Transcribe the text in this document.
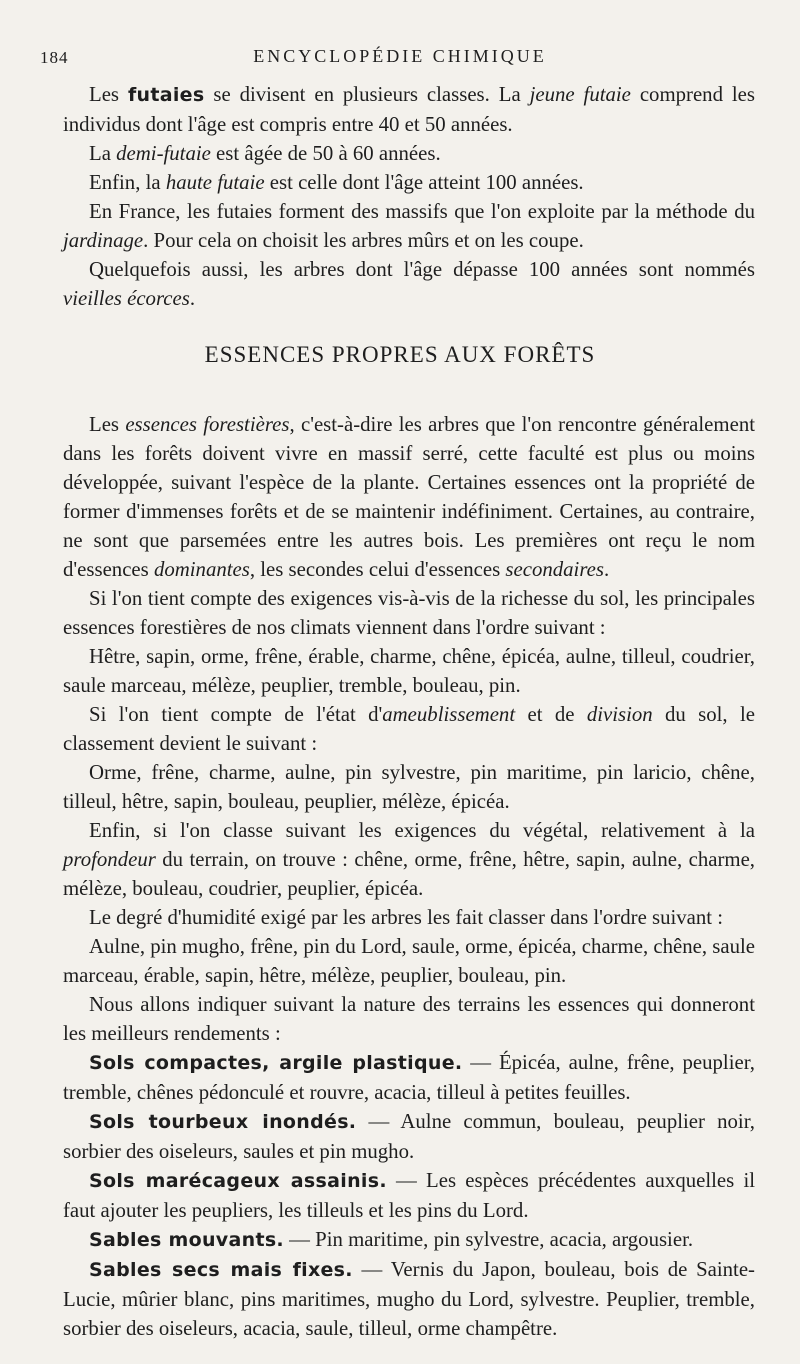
184	ENCYCLOPÉDIE CHIMIQUE

Les futaies se divisent en plusieurs classes. La jeune futaie comprend les individus dont l'âge est compris entre 40 et 50 années.

La demi-futaie est âgée de 50 à 60 années.

Enfin, la haute futaie est celle dont l'âge atteint 100 années.

En France, les futaies forment des massifs que l'on exploite par la méthode du jardinage. Pour cela on choisit les arbres mûrs et on les coupe.

Quelquefois aussi, les arbres dont l'âge dépasse 100 années sont nommés vieilles écorces.

ESSENCES PROPRES AUX FORÊTS

Les essences forestières, c'est-à-dire les arbres que l'on rencontre généralement dans les forêts doivent vivre en massif serré, cette faculté est plus ou moins développée, suivant l'espèce de la plante. Certaines essences ont la propriété de former d'immenses forêts et de se maintenir indéfiniment. Certaines, au contraire, ne sont que parsemées entre les autres bois. Les premières ont reçu le nom d'essences dominantes, les secondes celui d'essences secondaires.

Si l'on tient compte des exigences vis-à-vis de la richesse du sol, les principales essences forestières de nos climats viennent dans l'ordre suivant :

Hêtre, sapin, orme, frêne, érable, charme, chêne, épicéa, aulne, tilleul, coudrier, saule marceau, mélèze, peuplier, tremble, bouleau, pin.

Si l'on tient compte de l'état d'ameublissement et de division du sol, le classement devient le suivant :

Orme, frêne, charme, aulne, pin sylvestre, pin maritime, pin laricio, chêne, tilleul, hêtre, sapin, bouleau, peuplier, mélèze, épicéa.

Enfin, si l'on classe suivant les exigences du végétal, relativement à la profondeur du terrain, on trouve : chêne, orme, frêne, hêtre, sapin, aulne, charme, mélèze, bouleau, coudrier, peuplier, épicéa.

Le degré d'humidité exigé par les arbres les fait classer dans l'ordre suivant :

Aulne, pin mugho, frêne, pin du Lord, saule, orme, épicéa, charme, chêne, saule marceau, érable, sapin, hêtre, mélèze, peuplier, bouleau, pin.

Nous allons indiquer suivant la nature des terrains les essences qui donneront les meilleurs rendements :

Sols compactes, argile plastique. — Épicéa, aulne, frêne, peuplier, tremble, chênes pédonculé et rouvre, acacia, tilleul à petites feuilles.

Sols tourbeux inondés. — Aulne commun, bouleau, peuplier noir, sorbier des oiseleurs, saules et pin mugho.

Sols marécageux assainis. — Les espèces précédentes auxquelles il faut ajouter les peupliers, les tilleuls et les pins du Lord.

Sables mouvants. — Pin maritime, pin sylvestre, acacia, argousier.

Sables secs mais fixes. — Vernis du Japon, bouleau, bois de Sainte-Lucie, mûrier blanc, pins maritimes, mugho du Lord, sylvestre. Peuplier, tremble, sorbier des oiseleurs, acacia, saule, tilleul, orme champêtre.
